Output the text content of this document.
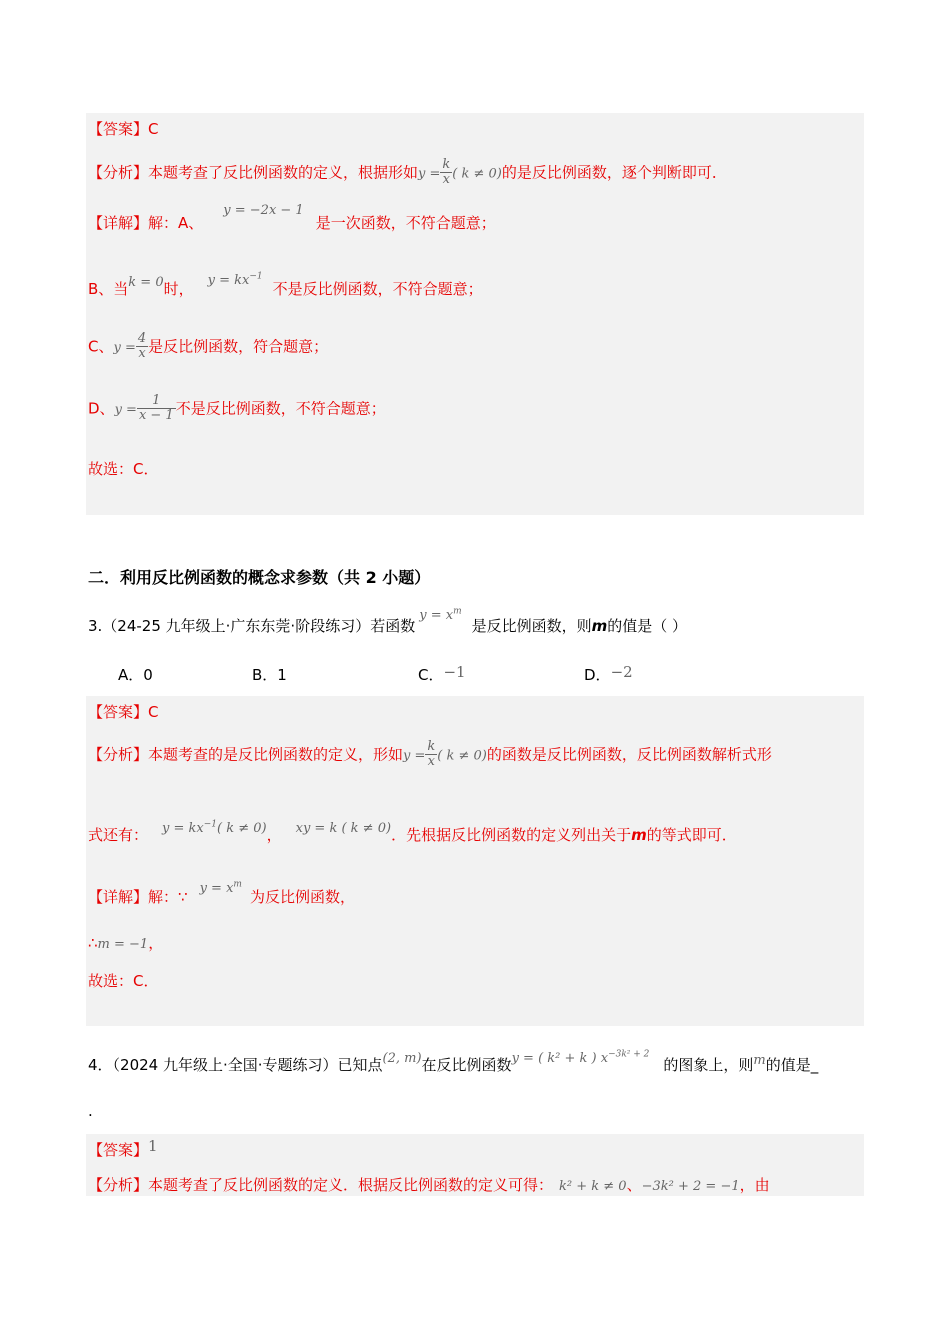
【答案】C
【分析】本题考查了反比例函数的定义，根据形如$y = \frac{k}{x}$ ( k ≠ 0)的是反比例函数，逐个判断即可．
【详解】解：A、$^{y = -2x - 1}$是一次函数，不符合题意；
B、当$^{k = 0}$时， $^{y = kx^{-1}}$不是反比例函数，不符合题意；
C、$y = \frac{4}{x}$ 是反比例函数，符合题意；
D、$y = \frac{1}{x - 1}$ 不是反比例函数，不符合题意；
故选：C．
二．利用反比例函数的概念求参数（共 2 小题）
3.（24-25 九年级上·广东东莞·阶段练习）若函数$^{y = x^m}$是反比例函数，则m的值是（ ）
A．0	B．1	C．−1	D．−2
【答案】C
【分析】本题考查的是反比例函数的定义，形如$y = \frac{k}{x}$ ( k ≠ 0)的函数是反比例函数，反比例函数解析式形
式还有： $^{y = kx^{-1}( k \ne 0)}$， $^{xy = k ( k \ne 0)}$．先根据反比例函数的定义列出关于m的等式即可．
【详解】解：∵ $^{y = x^m}$为反比例函数，
∴m = −1，
故选：C．
4．（2024 九年级上·全国·专题练习）已知点$^{(2, m)}$在反比例函数$^{y = ( k^2 + k ) x^{-3k^2 + 2}}$的图象上，则$^m$的值是_
.
【答案】1
【分析】本题考查了反比例函数的定义．根据反比例函数的定义可得： k² + k ≠ 0、−3k² + 2 = −1，由
